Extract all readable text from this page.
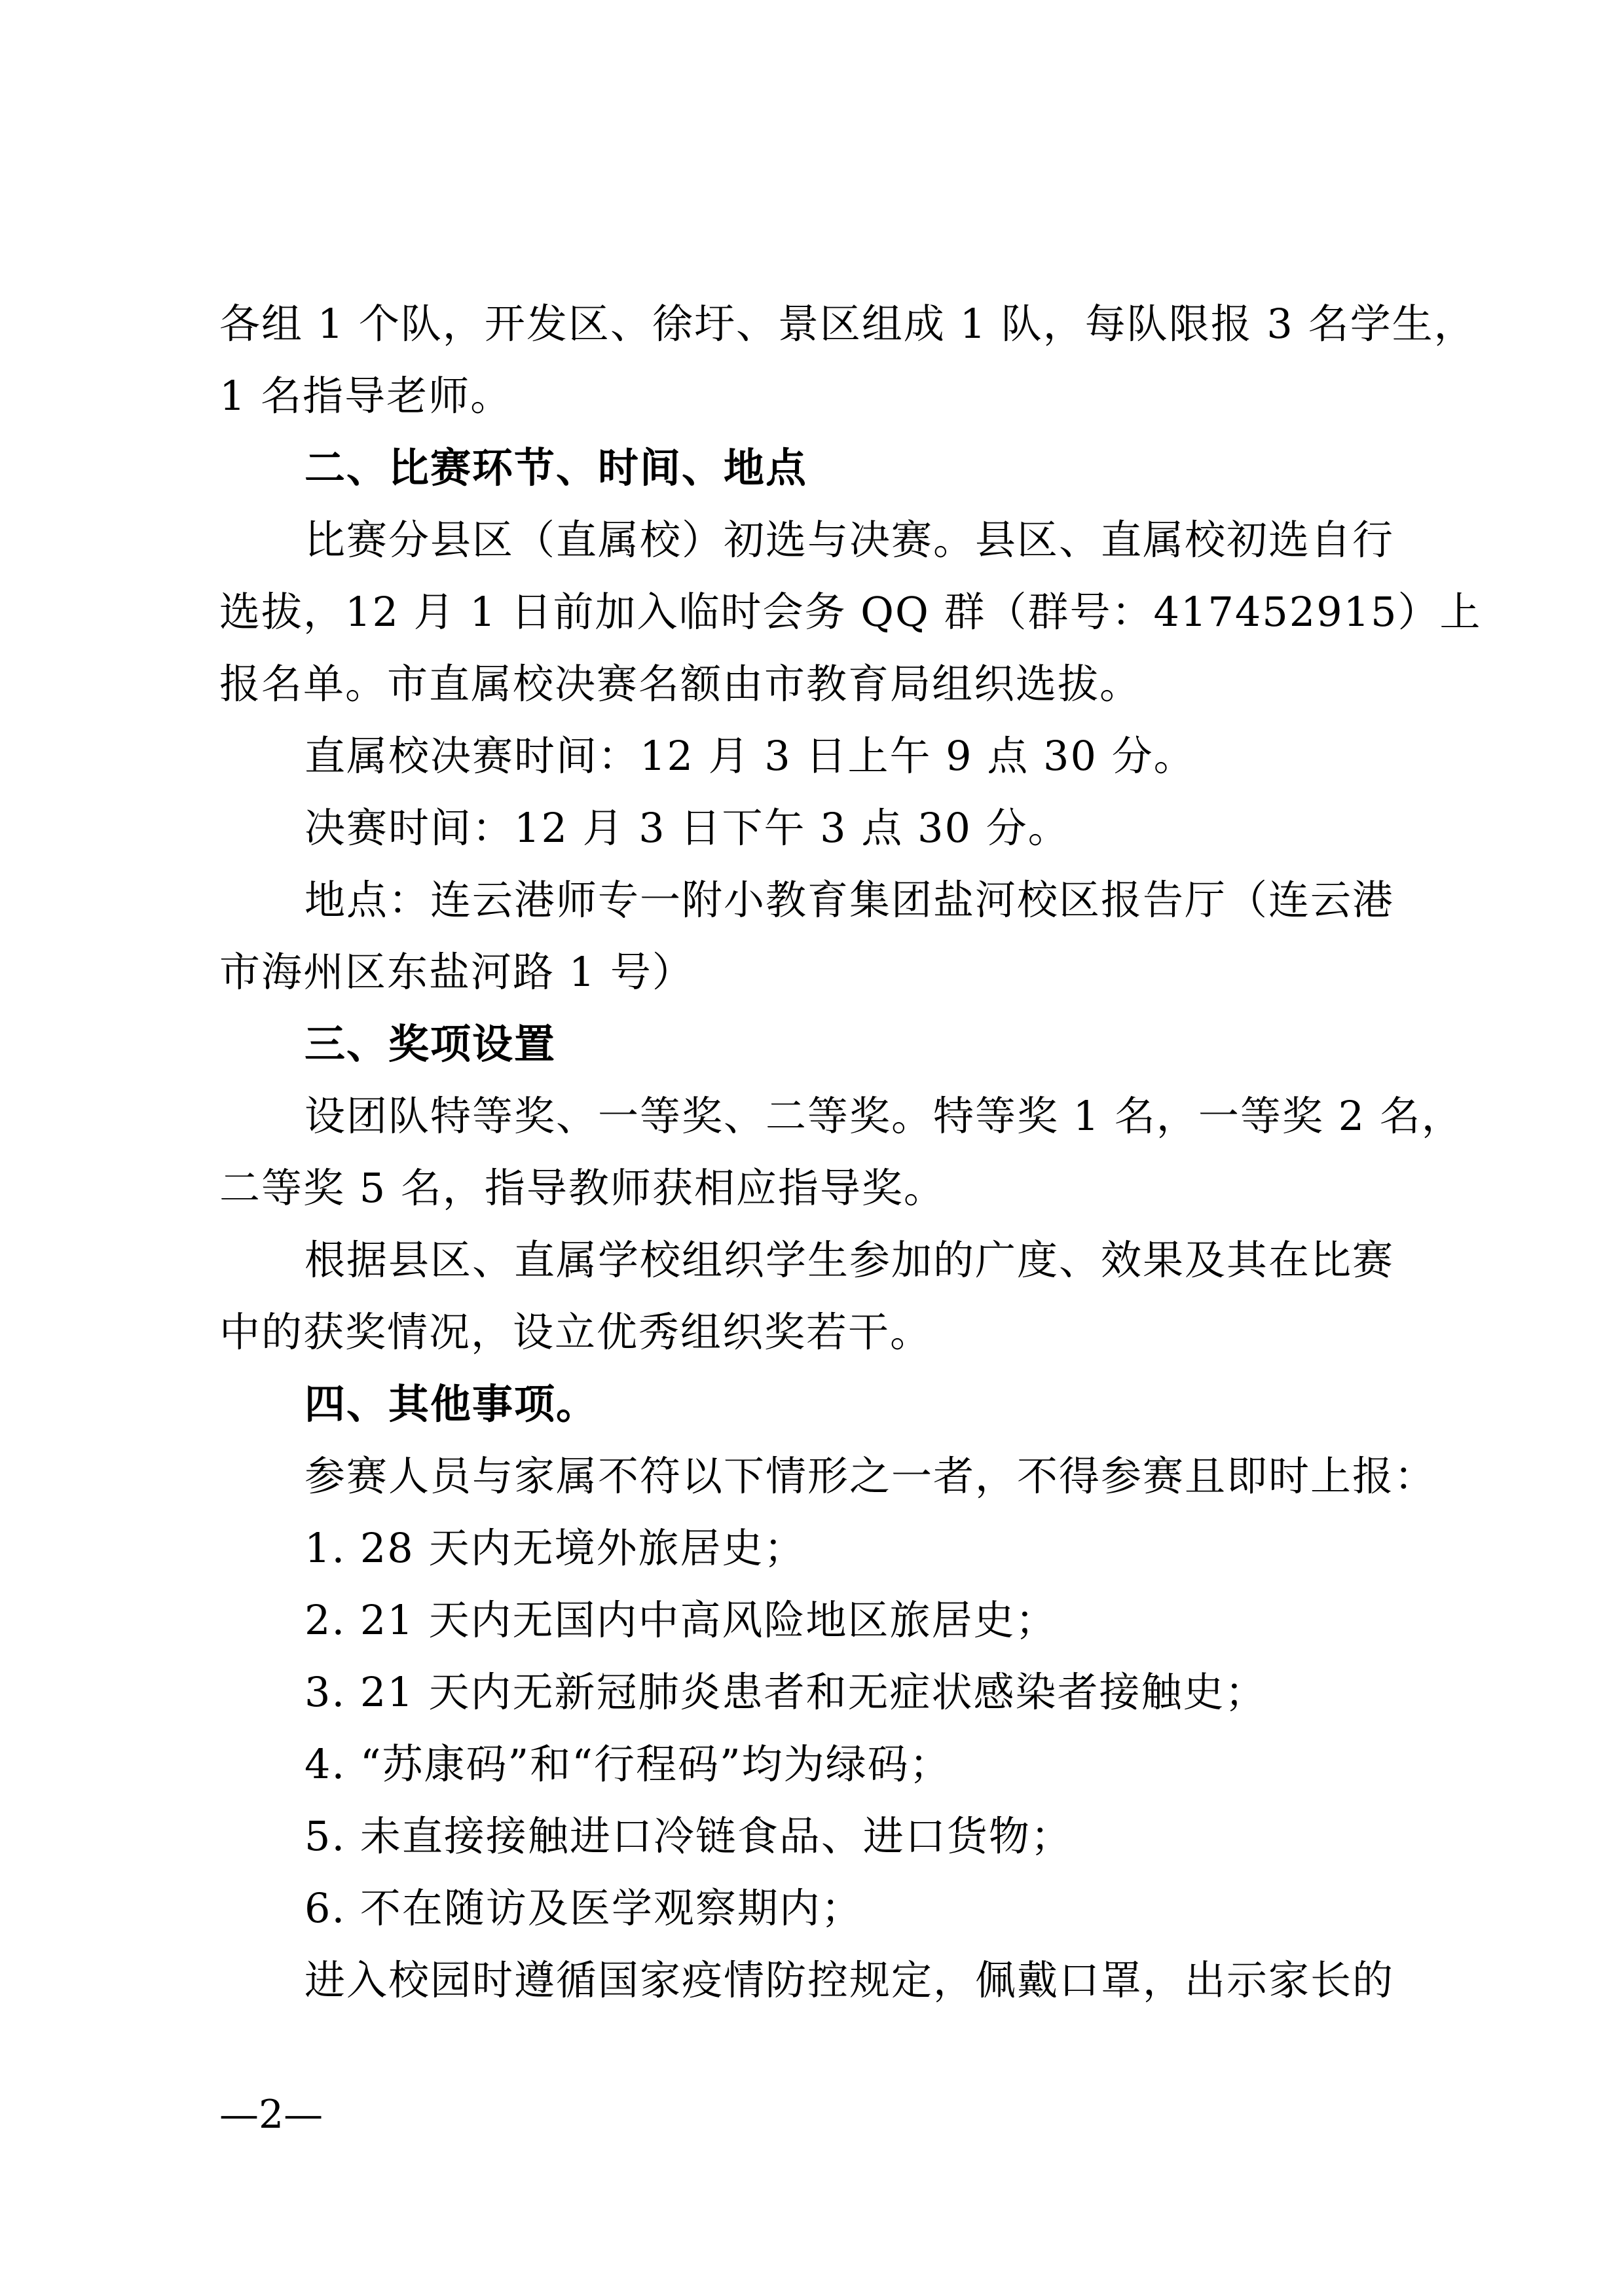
各组 1 个队，开发区、徐圩、景区组成 1 队，每队限报 3 名学生，
1 名指导老师。
二、比赛环节、时间、地点
比赛分县区（直属校）初选与决赛。县区、直属校初选自行
选拔，12 月 1 日前加入临时会务 QQ 群（群号：417452915）上
报名单。市直属校决赛名额由市教育局组织选拔。
直属校决赛时间：12 月 3 日上午 9 点 30 分。
决赛时间：12 月 3 日下午 3 点 30 分。
地点：连云港师专一附小教育集团盐河校区报告厅（连云港
市海州区东盐河路 1 号）
三、奖项设置
设团队特等奖、一等奖、二等奖。特等奖 1 名，一等奖 2 名，
二等奖 5 名，指导教师获相应指导奖。
根据县区、直属学校组织学生参加的广度、效果及其在比赛
中的获奖情况，设立优秀组织奖若干。
四、其他事项。
参赛人员与家属不符以下情形之一者，不得参赛且即时上报：
1. 28 天内无境外旅居史；
2. 21 天内无国内中高风险地区旅居史；
3. 21 天内无新冠肺炎患者和无症状感染者接触史；
4. “苏康码”和“行程码”均为绿码；
5. 未直接接触进口冷链食品、进口货物；
6. 不在随访及医学观察期内；
进入校园时遵循国家疫情防控规定，佩戴口罩，出示家长的
—2—
